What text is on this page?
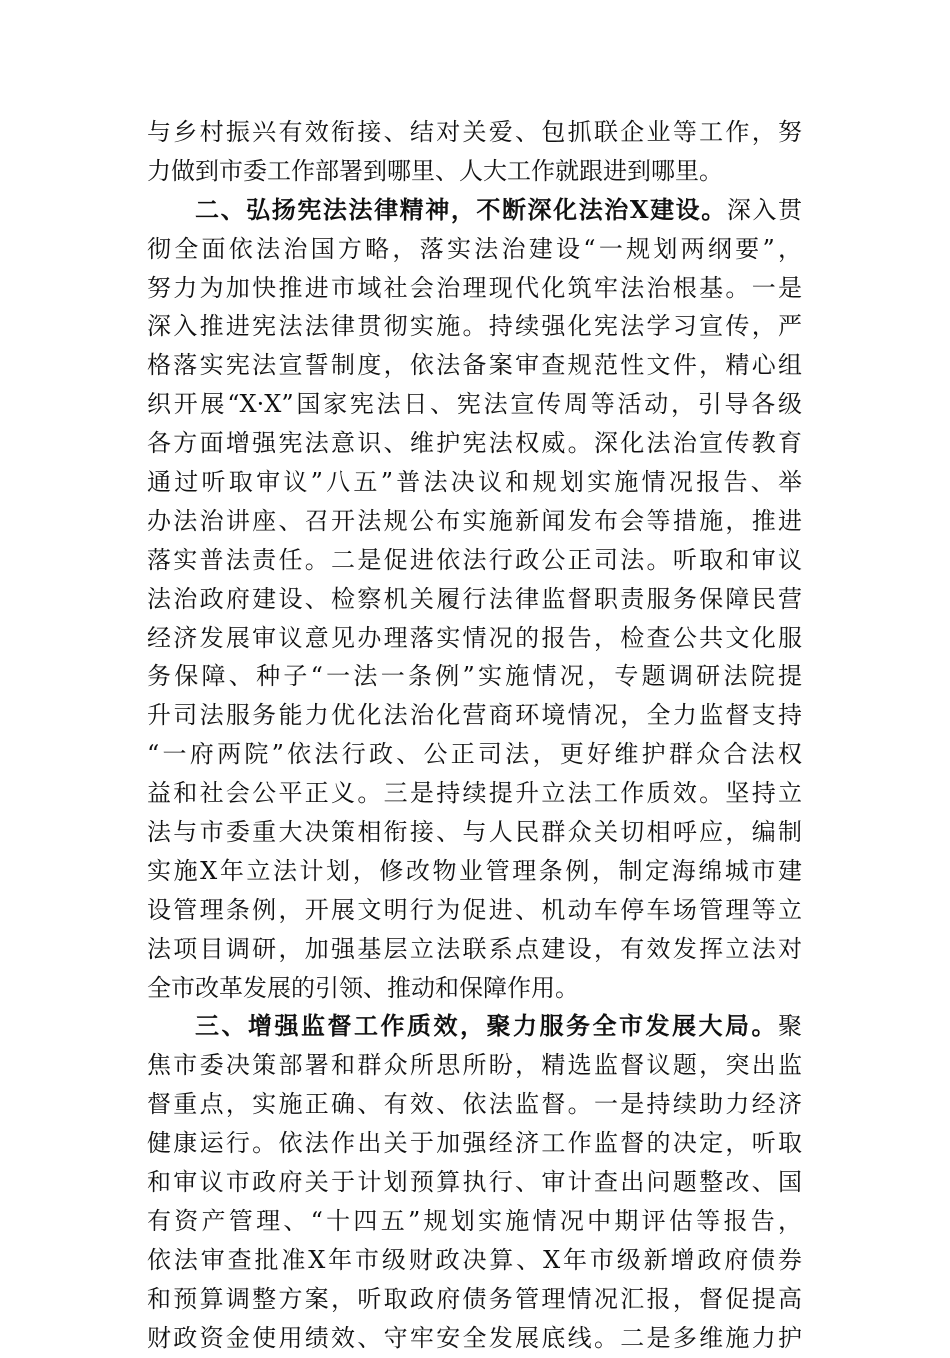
与乡村振兴有效衔接、结对关爱、包抓联企业等工作，努
力做到市委工作部署到哪里、人大工作就跟进到哪里。
二、弘扬宪法法律精神，不断深化法治X建设。深入贯
彻全面依法治国方略，落实法治建设“一规划两纲要”，
努力为加快推进市域社会治理现代化筑牢法治根基。一是
深入推进宪法法律贯彻实施。持续强化宪法学习宣传，严
格落实宪法宣誓制度，依法备案审查规范性文件，精心组
织开展“X·X”国家宪法日、宪法宣传周等活动，引导各级
各方面增强宪法意识、维护宪法权威。深化法治宣传教育
通过听取审议”八五”普法决议和规划实施情况报告、举
办法治讲座、召开法规公布实施新闻发布会等措施，推进
落实普法责任。二是促进依法行政公正司法。听取和审议
法治政府建设、检察机关履行法律监督职责服务保障民营
经济发展审议意见办理落实情况的报告，检查公共文化服
务保障、种子“一法一条例”实施情况，专题调研法院提
升司法服务能力优化法治化营商环境情况，全力监督支持
“一府两院”依法行政、公正司法，更好维护群众合法权
益和社会公平正义。三是持续提升立法工作质效。坚持立
法与市委重大决策相衔接、与人民群众关切相呼应，编制
实施X年立法计划，修改物业管理条例，制定海绵城市建
设管理条例，开展文明行为促进、机动车停车场管理等立
法项目调研，加强基层立法联系点建设，有效发挥立法对
全市改革发展的引领、推动和保障作用。
三、增强监督工作质效，聚力服务全市发展大局。聚
焦市委决策部署和群众所思所盼，精选监督议题，突出监
督重点，实施正确、有效、依法监督。一是持续助力经济
健康运行。依法作出关于加强经济工作监督的决定，听取
和审议市政府关于计划预算执行、审计查出问题整改、国
有资产管理、“十四五”规划实施情况中期评估等报告，
依法审查批准X年市级财政决算、X年市级新增政府债券
和预算调整方案，听取政府债务管理情况汇报，督促提高
财政资金使用绩效、守牢安全发展底线。二是多维施力护
